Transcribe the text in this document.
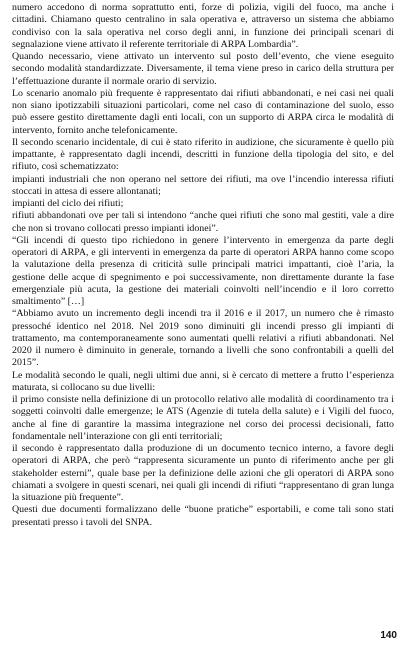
numero accedono di norma soprattutto enti, forze di polizia, vigili del fuoco, ma anche i cittadini. Chiamano questo centralino in sala operativa e, attraverso un sistema che abbiamo condiviso con la sala operativa nel corso degli anni, in funzione dei principali scenari di segnalazione viene attivato il referente territoriale di ARPA Lombardia”.

Quando necessario, viene attivato un intervento sul posto dell’evento, che viene eseguito secondo modalità standardizzate. Diversamente, il tema viene preso in carico della struttura per l’effettuazione durante il normale orario di servizio.

Lo scenario anomalo più frequente è rappresentato dai rifiuti abbandonati, e nei casi nei quali non siano ipotizzabili situazioni particolari, come nel caso di contaminazione del suolo, esso può essere gestito direttamente dagli enti locali, con un supporto di ARPA circa le modalità di intervento, fornito anche telefonicamente.

Il secondo scenario incidentale, di cui è stato riferito in audizione, che sicuramente è quello più impattante, è rappresentato dagli incendi, descritti in funzione della tipologia del sito, e del rifiuto, così schematizzato:

impianti industriali che non operano nel settore dei rifiuti, ma ove l’incendio interessa rifiuti stoccati in attesa di essere allontanati;

impianti del ciclo dei rifiuti;

rifiuti abbandonati ove per tali si intendono “anche quei rifiuti che sono mal gestiti, vale a dire che non si trovano collocati presso impianti idonei”.

“Gli incendi di questo tipo richiedono in genere l’intervento in emergenza da parte degli operatori di ARPA, e gli interventi in emergenza da parte di operatori ARPA hanno come scopo la valutazione della presenza di criticità sulle principali matrici impattanti, cioè l’aria, la gestione delle acque di spegnimento e poi successivamente, non direttamente durante la fase emergenziale più acuta, la gestione dei materiali coinvolti nell’incendio e il loro corretto smaltimento” […]

“Abbiamo avuto un incremento degli incendi tra il 2016 e il 2017, un numero che è rimasto pressoché identico nel 2018. Nel 2019 sono diminuiti gli incendi presso gli impianti di trattamento, ma contemporaneamente sono aumentati quelli relativi a rifiuti abbandonati. Nel 2020 il numero è diminuito in generale, tornando a livelli che sono confrontabili a quelli del 2015”.

Le modalità secondo le quali, negli ultimi due anni, si è cercato di mettere a frutto l’esperienza maturata, si collocano su due livelli:

il primo consiste nella definizione di un protocollo relativo alle modalità di coordinamento tra i soggetti coinvolti dalle emergenze; le ATS (Agenzie di tutela della salute) e i Vigili del fuoco, anche al fine di garantire la massima integrazione nel corso dei processi decisionali, fatto fondamentale nell’interazione con gli enti territoriali;

il secondo è rappresentato dalla produzione di un documento tecnico interno, a favore degli operatori di ARPA, che però “rappresenta sicuramente un punto di riferimento anche per gli stakeholder esterni”, quale base per la definizione delle azioni che gli operatori di ARPA sono chiamati a svolgere in questi scenari, nei quali gli incendi di rifiuti “rappresentano di gran lunga la situazione più frequente”.

Questi due documenti formalizzano delle “buone pratiche” esportabili, e come tali sono stati presentati presso i tavoli del SNPA.

140
